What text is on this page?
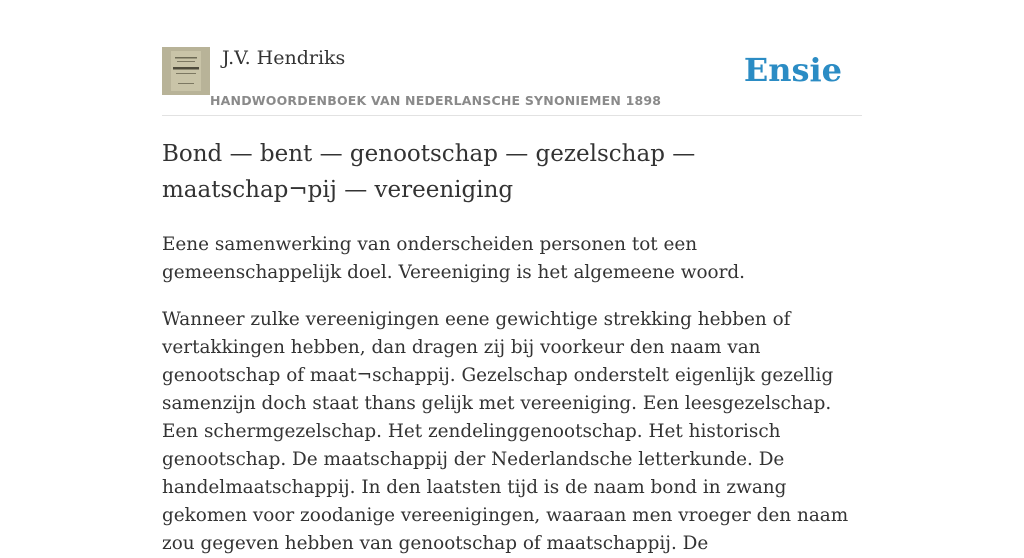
J.V. Hendriks
HANDWOORDENBOEK VAN NEDERLANSCHE SYNONIEMEN 1898
Ensie
Bond — bent — genootschap — gezelschap — maatschap¬pij — vereeniging

Eene samenwerking van onderscheiden personen tot een gemeenschappelijk doel. Vereeniging is het algemeene woord.

Wanneer zulke vereenigingen eene gewichtige strekking hebben of vertakkingen hebben, dan dragen zij bij voorkeur den naam van genootschap of maat¬schappij. Gezelschap onderstelt eigenlijk gezellig samenzijn doch staat thans gelijk met vereeniging. Een leesgezelschap. Een schermgezelschap. Het zendelinggenootschap. Het historisch genootschap. De maatschappij der Nederlandsche letterkunde. De handelmaatschappij. In den laatsten tijd is de naam bond in zwang gekomen voor zoodanige vereenigingen, waaraan men vroeger den naam zou gegeven hebben van genootschap of maatschappij. De
